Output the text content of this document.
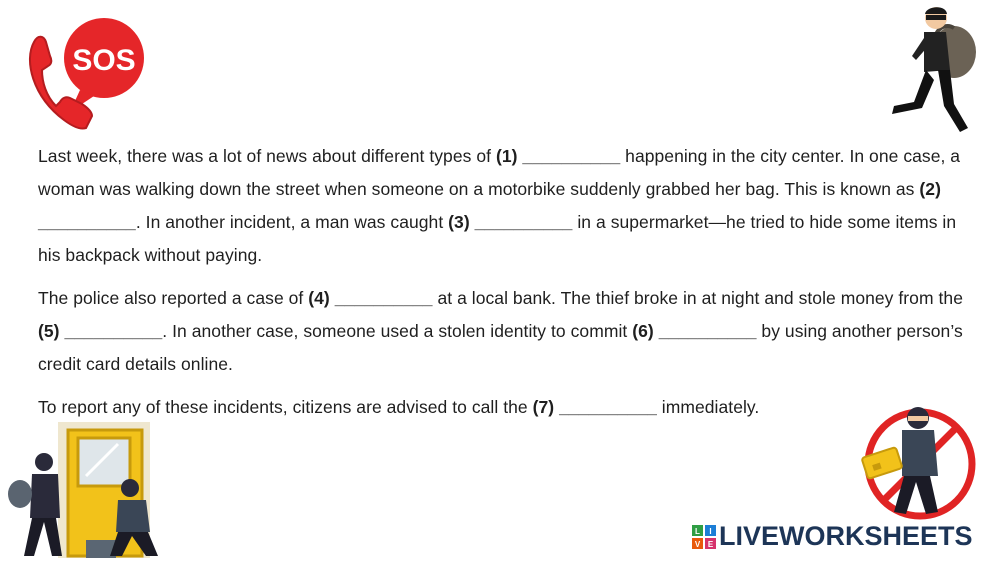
SOS

Last week, there was a lot of news about different types of (1) __________ happening in the city center. In one case, a woman was walking down the street when someone on a motorbike suddenly grabbed her bag. This is known as (2) __________. In another incident, a man was caught (3) __________ in a supermarket—he tried to hide some items in his backpack without paying.

The police also reported a case of (4) __________ at a local bank. The thief broke in at night and stole money from the (5) __________. In another case, someone used a stolen identity to commit (6) __________ by using another person’s credit card details online.

To report any of these incidents, citizens are advised to call the (7) __________ immediately.

L I
V E LIVEWORKSHEETS
